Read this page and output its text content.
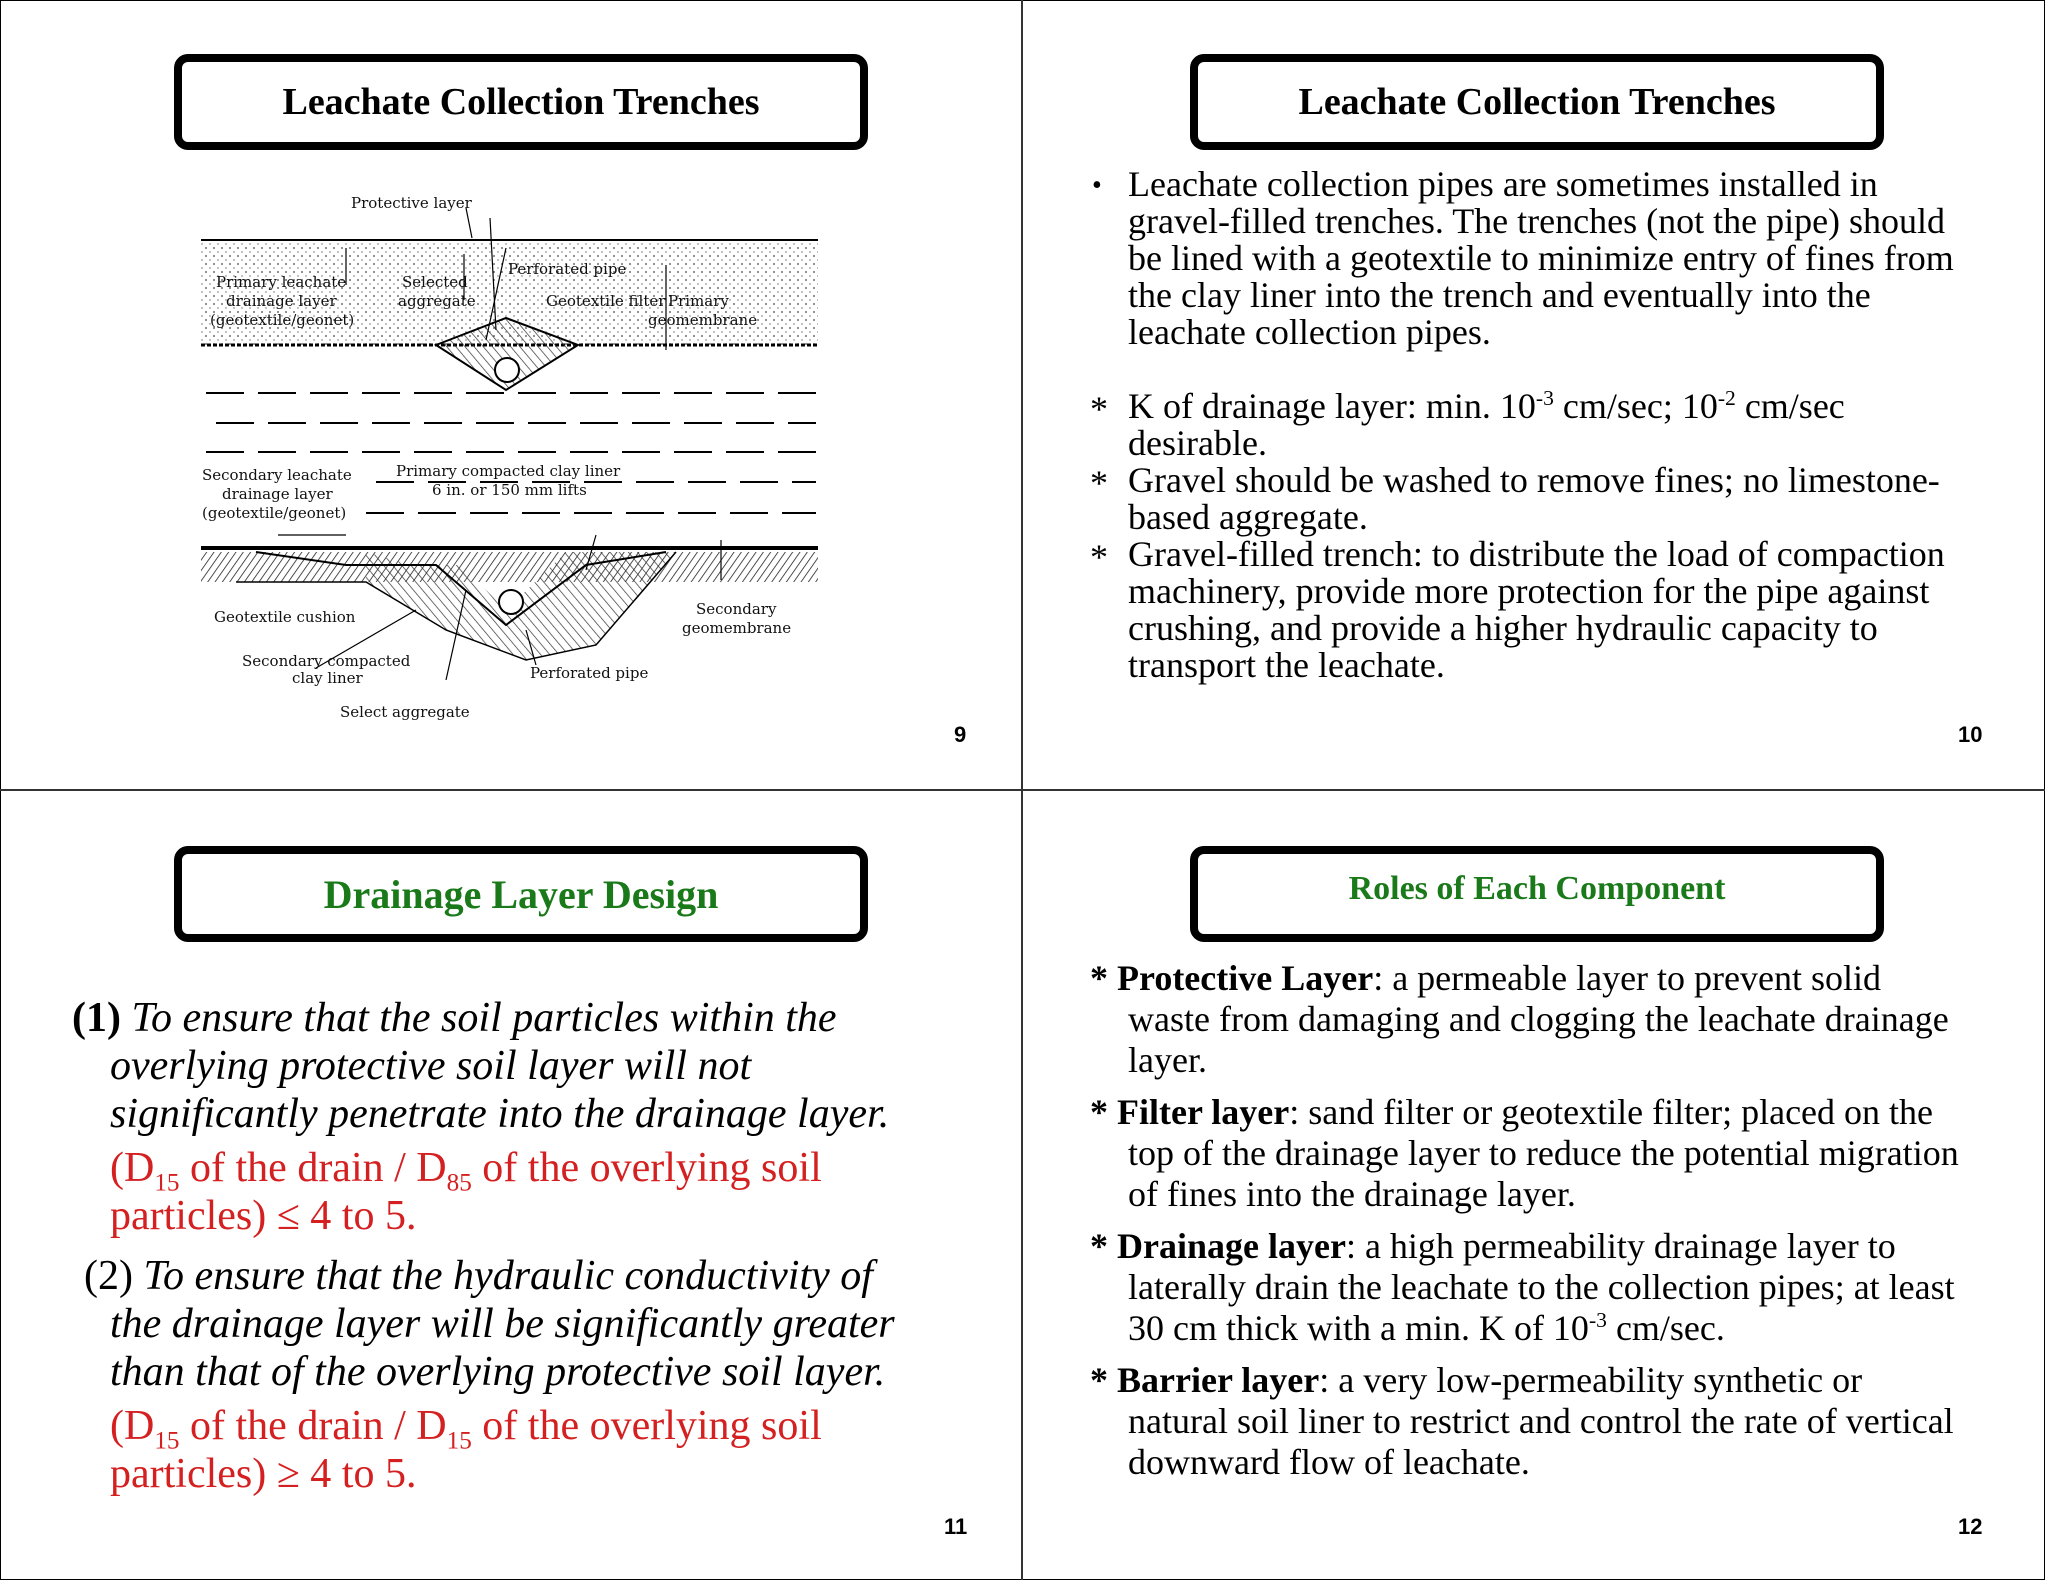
Leachate Collection Trenches
Protective layer
Primary leachate
drainage layer
(geotextile/geonet)
Selected
aggregate
Perforated pipe
Geotextile filter Primary
geomembrane
Secondary leachate
drainage layer
(geotextile/geonet)
Primary compacted clay liner
6 in. or 150 mm lifts
Geotextile cushion	Secondary
geomembrane
Secondary compacted
clay liner	Perforated pipe
Select aggregate
9
Leachate Collection Trenches
• Leachate collection pipes are sometimes installed in gravel-filled trenches. The trenches (not the pipe) should be lined with a geotextile to minimize entry of fines from the clay liner into the trench and eventually into the leachate collection pipes.
* K of drainage layer: min. $10^{-3}$ cm/sec; $10^{-2}$ cm/sec
desirable.
* Gravel should be washed to remove fines; no limestone-based aggregate.
* Gravel-filled trench: to distribute the load of compaction machinery, provide more protection for the pipe against crushing, and provide a higher hydraulic capacity to transport the leachate.
10
Drainage Layer Design
(1) To ensure that the soil particles within the
overlying protective soil layer will not
significantly penetrate into the drainage layer.
($D_{15}$ of the drain / $D_{85}$ of the overlying soil
particles) ≤ 4 to 5.
(2) To ensure that the hydraulic conductivity of
the drainage layer will be significantly greater
than that of the overlying protective soil layer.
($D_{15}$ of the drain / $D_{15}$ of the overlying soil
particles) ≥ 4 to 5.
11
Roles of Each Component
* Protective Layer: a permeable layer to prevent solid
waste from damaging and clogging the leachate drainage
layer.
* Filter layer: sand filter or geotextile filter; placed on the
top of the drainage layer to reduce the potential migration
of fines into the drainage layer.
* Drainage layer: a high permeability drainage layer to
laterally drain the leachate to the collection pipes; at least
30 cm thick with a min. K of $10^{-3}$ cm/sec.
* Barrier layer: a very low-permeability synthetic or
natural soil liner to restrict and control the rate of vertical
downward flow of leachate.
12
